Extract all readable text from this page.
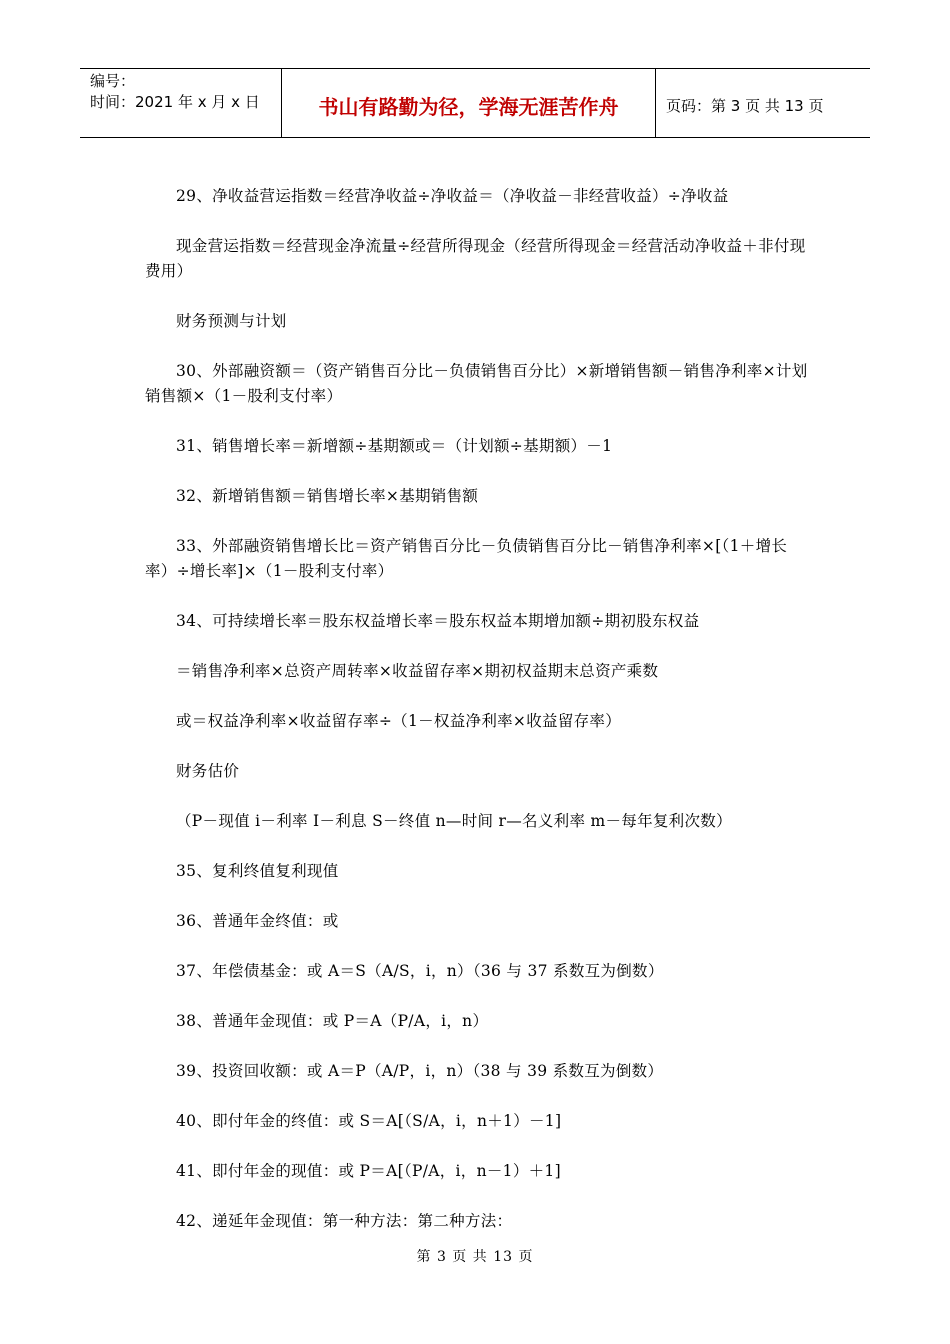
编号：
时间：2021 年 x 月 x 日	书山有路勤为径，学海无涯苦作舟	页码：第 3 页 共 13 页

29、净收益营运指数＝经营净收益÷净收益＝（净收益－非经营收益）÷净收益

现金营运指数＝经营现金净流量÷经营所得现金（经营所得现金＝经营活动净收益＋非付现费用）

财务预测与计划

30、外部融资额＝（资产销售百分比－负债销售百分比）×新增销售额－销售净利率×计划销售额×（1－股利支付率）

31、销售增长率＝新增额÷基期额或＝（计划额÷基期额）－1

32、新增销售额＝销售增长率×基期销售额

33、外部融资销售增长比＝资产销售百分比－负债销售百分比－销售净利率×[（1＋增长率）÷增长率]×（1－股利支付率）

34、可持续增长率＝股东权益增长率＝股东权益本期增加额÷期初股东权益

＝销售净利率×总资产周转率×收益留存率×期初权益期末总资产乘数

或＝权益净利率×收益留存率÷（1－权益净利率×收益留存率）

财务估价

（P－现值 i－利率 I－利息 S－终值 n—时间 r—名义利率 m－每年复利次数）

35、复利终值复利现值

36、普通年金终值：或

37、年偿债基金：或 A＝S（A/S，i，n）（36 与 37 系数互为倒数）

38、普通年金现值：或 P＝A（P/A，i，n）

39、投资回收额：或 A＝P（A/P，i，n）（38 与 39 系数互为倒数）

40、即付年金的终值：或 S＝A[（S/A，i，n＋1）－1]

41、即付年金的现值：或 P＝A[（P/A，i，n－1）＋1]

42、递延年金现值：第一种方法：第二种方法：

第 3 页 共 13 页
